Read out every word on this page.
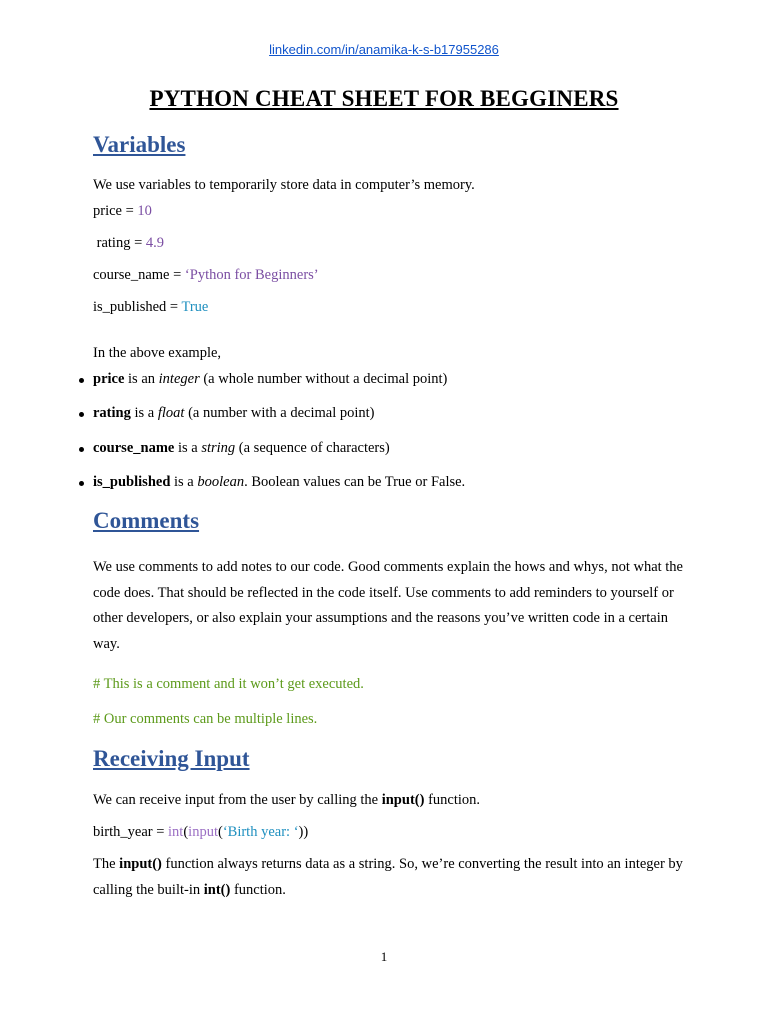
linkedin.com/in/anamika-k-s-b17955286
PYTHON CHEAT SHEET FOR BEGGINERS
Variables
We use variables to temporarily store data in computer’s memory.
price = 10
rating = 4.9
course_name = ‘Python for Beginners’
is_published = True
In the above example,
price is an integer (a whole number without a decimal point)
rating is a float (a number with a decimal point)
course_name is a string (a sequence of characters)
is_published is a boolean. Boolean values can be True or False.
Comments
We use comments to add notes to our code. Good comments explain the hows and whys, not what the code does. That should be reflected in the code itself. Use comments to add reminders to yourself or other developers, or also explain your assumptions and the reasons you’ve written code in a certain way.
# This is a comment and it won’t get executed.
# Our comments can be multiple lines.
Receiving Input
We can receive input from the user by calling the input() function.
birth_year = int(input(‘Birth year: ‘))
The input() function always returns data as a string. So, we’re converting the result into an integer by calling the built-in int() function.
1
